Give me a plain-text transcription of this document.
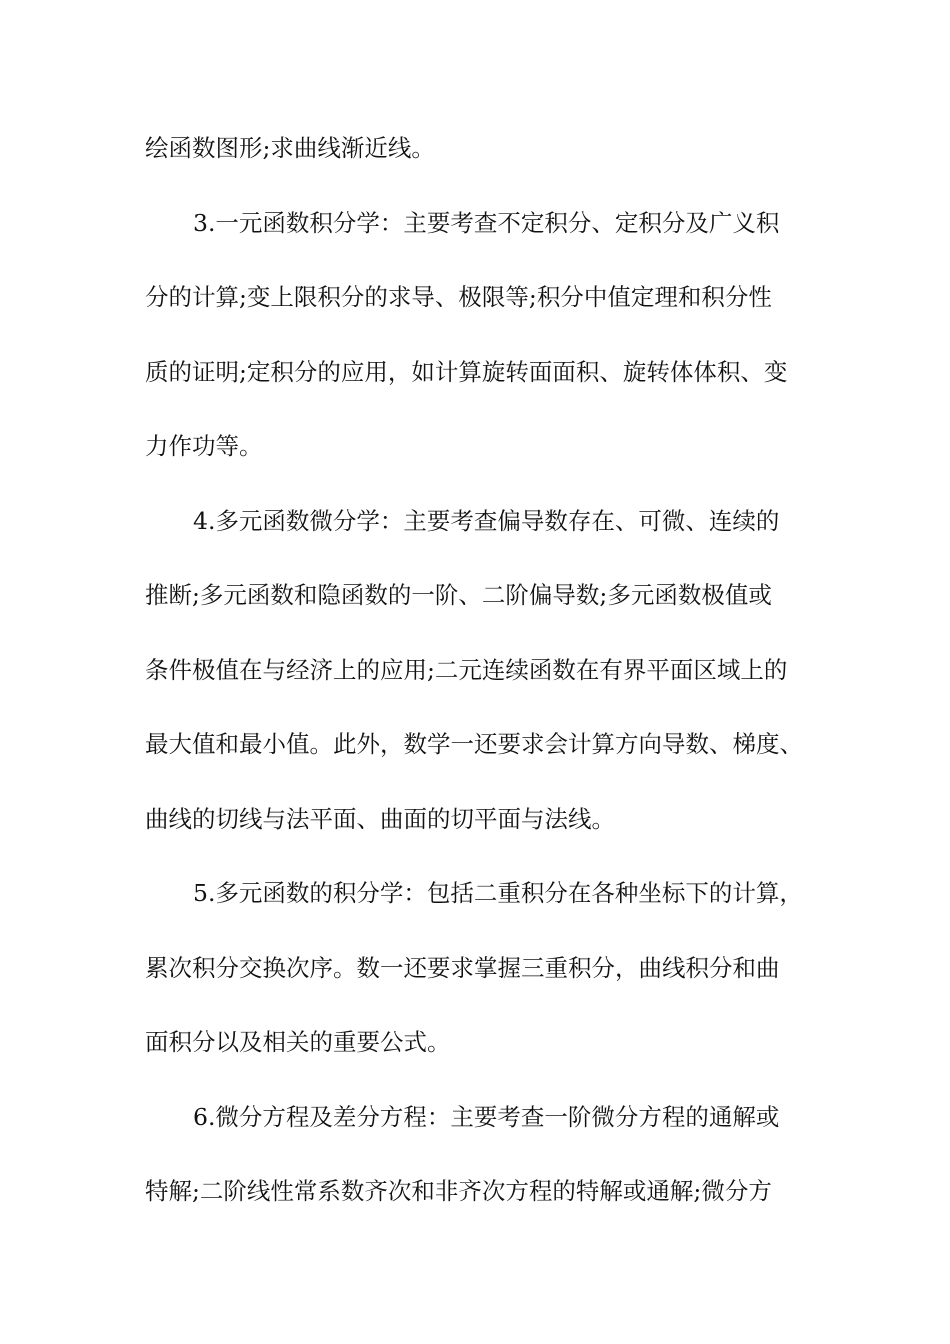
绘函数图形;求曲线渐近线。
3.一元函数积分学：主要考查不定积分、定积分及广义积
分的计算;变上限积分的求导、极限等;积分中值定理和积分性
质的证明;定积分的应用，如计算旋转面面积、旋转体体积、变
力作功等。
4.多元函数微分学：主要考查偏导数存在、可微、连续的
推断;多元函数和隐函数的一阶、二阶偏导数;多元函数极值或
条件极值在与经济上的应用;二元连续函数在有界平面区域上的
最大值和最小值。此外，数学一还要求会计算方向导数、梯度、
曲线的切线与法平面、曲面的切平面与法线。
5.多元函数的积分学：包括二重积分在各种坐标下的计算，
累次积分交换次序。数一还要求掌握三重积分，曲线积分和曲
面积分以及相关的重要公式。
6.微分方程及差分方程：主要考查一阶微分方程的通解或
特解;二阶线性常系数齐次和非齐次方程的特解或通解;微分方
